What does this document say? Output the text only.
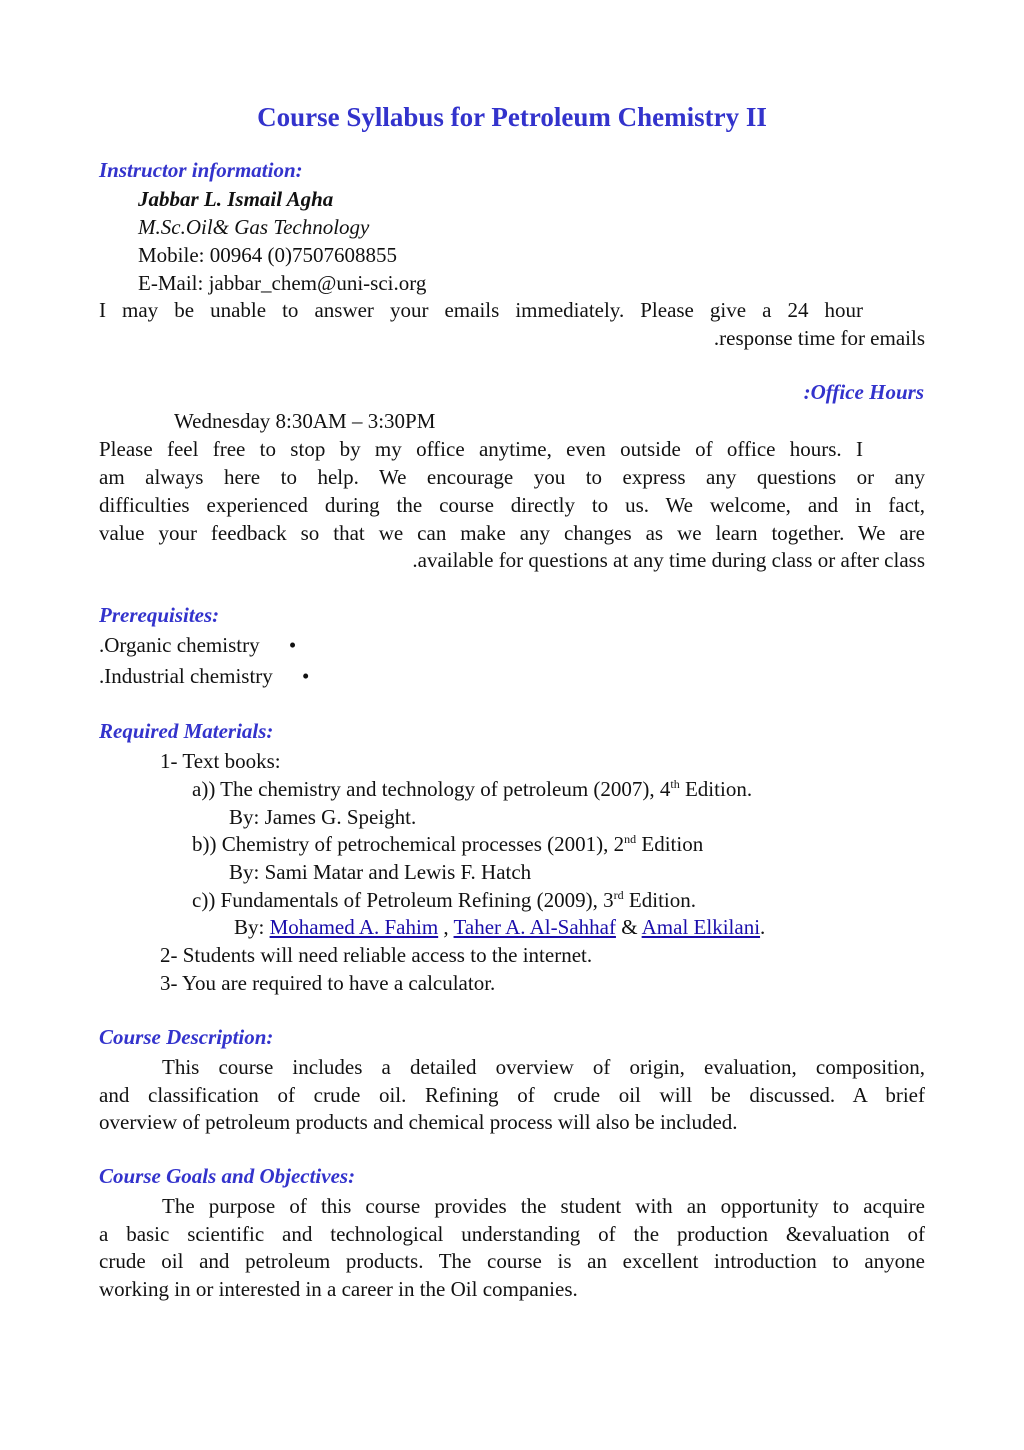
Course Syllabus for Petroleum Chemistry II
Instructor information:
Jabbar L. Ismail Agha
M.Sc.Oil& Gas Technology
Mobile: 00964 (0)7507608855
E-Mail: jabbar_chem@uni-sci.org
I may be unable to answer your emails immediately. Please give a 24 hour
.response time for emails
:Office Hours
Wednesday 8:30AM – 3:30PM
Please feel free to stop by my office anytime, even outside of office hours. I
am always here to help. We encourage you to express any questions or any
difficulties experienced during the course directly to us. We welcome, and in fact,
value your feedback so that we can make any changes as we learn together. We are
.available for questions at any time during class or after class
Prerequisites:
.Organic chemistry •
.Industrial chemistry •
Required Materials:
1- Text books:
a)) The chemistry and technology of petroleum (2007), 4th Edition.
By: James G. Speight.
b)) Chemistry of petrochemical processes (2001), 2nd Edition
By: Sami Matar and Lewis F. Hatch
c)) Fundamentals of Petroleum Refining (2009), 3rd Edition.
By: Mohamed A. Fahim , Taher A. Al-Sahhaf & Amal Elkilani.
2- Students will need reliable access to the internet.
3- You are required to have a calculator.
Course Description:
This course includes a detailed overview of origin, evaluation, composition,
and classification of crude oil. Refining of crude oil will be discussed. A brief
overview of petroleum products and chemical process will also be included.
Course Goals and Objectives:
The purpose of this course provides the student with an opportunity to acquire
a basic scientific and technological understanding of the production &evaluation of
crude oil and petroleum products. The course is an excellent introduction to anyone
working in or interested in a career in the Oil companies.
